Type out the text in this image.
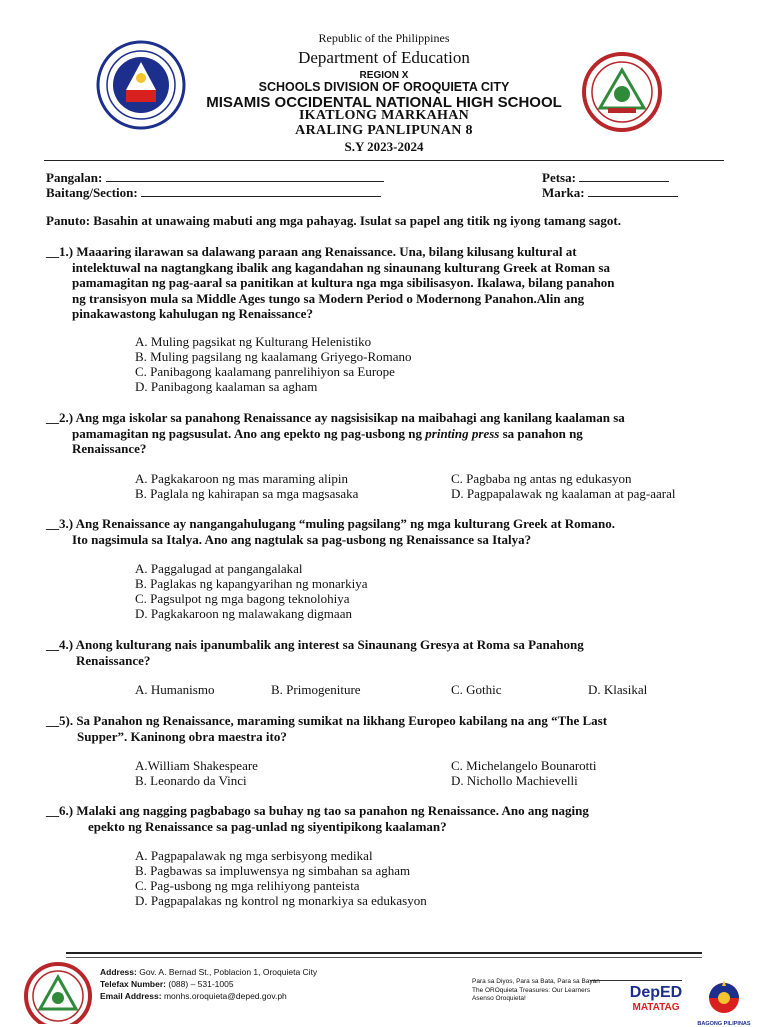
Republic of the Philippines
Department of Education
REGION X
SCHOOLS DIVISION OF OROQUIETA CITY
MISAMIS OCCIDENTAL NATIONAL HIGH SCHOOL
IKATLONG MARKAHAN
ARALING PANLIPUNAN 8
S.Y 2023-2024
Pangalan:
Baitang/Section:
Petsa:
Marka:
Panuto: Basahin at unawaing mabuti ang mga pahayag. Isulat sa papel ang titik ng iyong tamang sagot.
__1.) Maaaring ilarawan sa dalawang paraan ang Renaissance. Una, bilang kilusang kultural at
intelektuwal na nagtangkang ibalik ang kagandahan ng sinaunang kulturang Greek at Roman sa
pamamagitan ng pag-aaral sa panitikan at kultura nga mga sibilisasyon. Ikalawa, bilang panahon
ng transisyon mula sa Middle Ages tungo sa Modern Period o Modernong Panahon.Alin ang
pinakawastong kahulugan ng Renaissance?
A. Muling pagsikat ng Kulturang Helenistiko
B. Muling pagsilang ng kaalamang Griyego-Romano
C. Panibagong kaalamang panrelihiyon sa Europe
D. Panibagong kaalaman sa agham
__2.) Ang mga iskolar sa panahong Renaissance ay nagsisisikap na maibahagi ang kanilang kaalaman sa
pamamagitan ng pagsusulat. Ano ang epekto ng pag-usbong ng printing press sa panahon ng
Renaissance?
A. Pagkakaroon ng mas maraming alipin	C. Pagbaba ng antas ng edukasyon
B. Paglala ng kahirapan sa mga magsasaka	D. Pagpapalawak ng kaalaman at pag-aaral
__3.) Ang Renaissance ay nangangahulugang “muling pagsilang” ng mga kulturang Greek at Romano.
Ito nagsimula sa Italya. Ano ang nagtulak sa pag-usbong ng Renaissance sa Italya?
A. Paggalugad at pangangalakal
B. Paglakas ng kapangyarihan ng monarkiya
C. Pagsulpot ng mga bagong teknolohiya
D. Pagkakaroon ng malawakang digmaan
__4.) Anong kulturang nais ipanumbalik ang interest sa Sinaunang Gresya at Roma sa Panahong
Renaissance?
A. Humanismo	B. Primogeniture	C. Gothic	D. Klasikal
__5). Sa Panahon ng Renaissance, maraming sumikat na likhang Europeo kabilang na ang “The Last
Supper”. Kaninong obra maestra ito?
A.William Shakespeare	C. Michelangelo Bounarotti
B. Leonardo da Vinci	D. Nichollo Machievelli
__6.) Malaki ang nagging pagbabago sa buhay ng tao sa panahon ng Renaissance. Ano ang naging
epekto ng Renaissance sa pag-unlad ng siyentipikong kaalaman?
A. Pagpapalawak ng mga serbisyong medikal
B. Pagbawas sa impluwensya ng simbahan sa agham
C. Pag-usbong ng mga relihiyong panteista
D. Pagpapalakas ng kontrol ng monarkiya sa edukasyon
Address: Gov. A. Bernad St., Poblacion 1, Oroquieta City
Telefax Number: (088) – 531-1005
Email Address: monhs.oroquieta@deped.gov.ph
Para sa Diyos, Para sa Bata, Para sa Bayan
The OROquieta Treasures: Our Learners
Asenso Oroquieta!	DepED
MATATAG
BAGONG PILIPINAS
